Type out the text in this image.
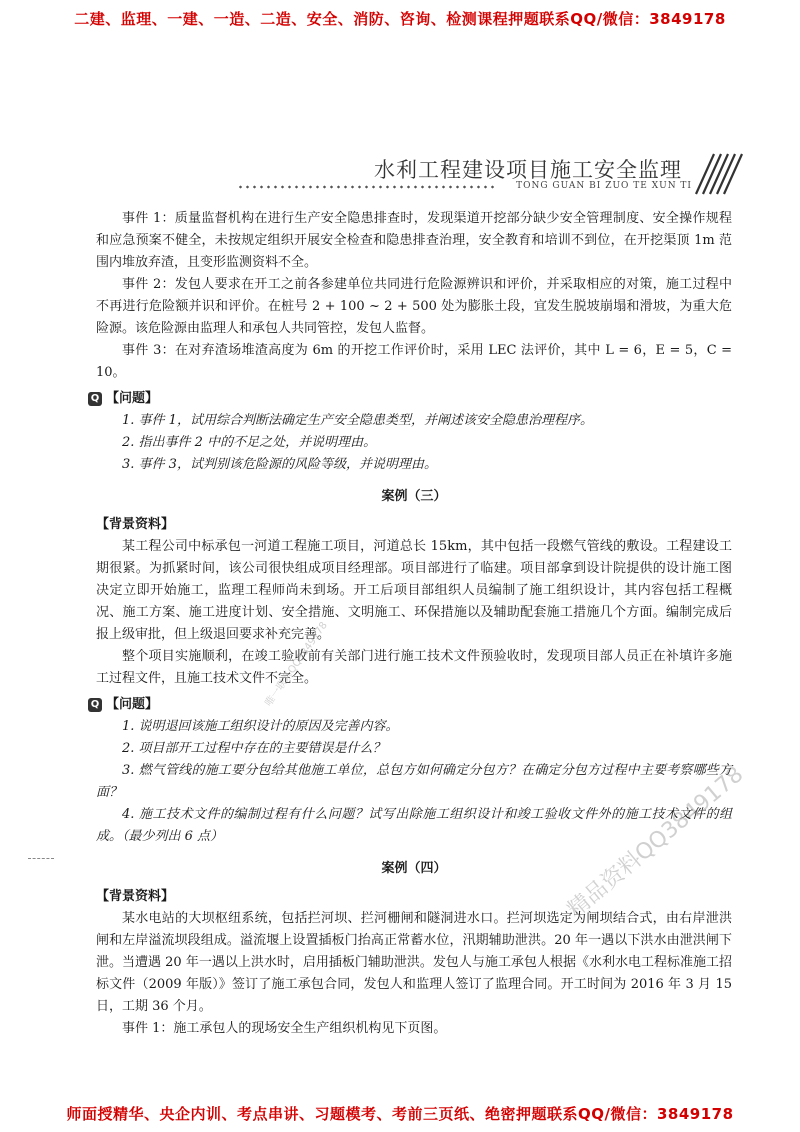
二建、监理、一建、一造、二造、安全、消防、咨询、检测课程押题联系QQ/微信：3849178
水利工程建设项目施工安全监理
TONG GUAN BI ZUO TE XUN TI

事件 1：质量监督机构在进行生产安全隐患排查时，发现渠道开挖部分缺少安全管理制度、安全操作规程和应急预案不健全，未按规定组织开展安全检查和隐患排查治理，安全教育和培训不到位，在开挖渠顶 1m 范围内堆放弃渣，且变形监测资料不全。

事件 2：发包人要求在开工之前各参建单位共同进行危险源辨识和评价，并采取相应的对策，施工过程中不再进行危险额并识和评价。在桩号 2 + 100 ~ 2 + 500 处为膨胀土段，宜发生脱坡崩塌和滑坡，为重大危险源。该危险源由监理人和承包人共同管控，发包人监督。

事件 3：在对弃渣场堆渣高度为 6m 的开挖工作评价时，采用 LEC 法评价，其中 L = 6，E = 5，C = 10。

Q 【问题】

1. 事件 1，试用综合判断法确定生产安全隐患类型，并阐述该安全隐患治理程序。

2. 指出事件 2 中的不足之处，并说明理由。

3. 事件 3，试判别该危险源的风险等级，并说明理由。

案例（三）

【背景资料】

某工程公司中标承包一河道工程施工项目，河道总长 15km，其中包括一段燃气管线的敷设。工程建设工期很紧。为抓紧时间，该公司很快组成项目经理部。项目部进行了临建。项目部拿到设计院提供的设计施工图决定立即开始施工，监理工程师尚未到场。开工后项目部组织人员编制了施工组织设计，其内容包括工程概况、施工方案、施工进度计划、安全措施、文明施工、环保措施以及辅助配套施工措施几个方面。编制完成后报上级审批，但上级退回要求补充完善。

整个项目实施顺利，在竣工验收前有关部门进行施工技术文件预验收时，发现项目部人员正在补填许多施工过程文件，且施工技术文件不完全。

Q 【问题】

1. 说明退回该施工组织设计的原因及完善内容。

2. 项目部开工过程中存在的主要错误是什么？

3. 燃气管线的施工要分包给其他施工单位，总包方如何确定分包方？在确定分包方过程中主要考察哪些方面？

4. 施工技术文件的编制过程有什么问题？试写出除施工组织设计和竣工验收文件外的施工技术文件的组成。（最少列出 6 点）

案例（四）

【背景资料】

某水电站的大坝枢纽系统，包括拦河坝、拦河栅闸和隧洞进水口。拦河坝选定为闸坝结合式，由右岸泄洪闸和左岸溢流坝段组成。溢流堰上设置插板门抬高正常蓄水位，汛期辅助泄洪。20 年一遇以下洪水由泄洪闸下泄。当遭遇 20 年一遇以上洪水时，启用插板门辅助泄洪。发包人与施工承包人根据《水利水电工程标准施工招标文件（2009 年版）》签订了施工承包合同，发包人和监理人签订了监理合同。开工时间为 2016 年 3 月 15 日，工期 36 个月。

事件 1：施工承包人的现场安全生产组织机构见下页图。

唯一联系QQ3849178
精品资料QQ3849178
师面授精华、央企内训、考点串讲、习题模考、考前三页纸、绝密押题联系QQ/微信：3849178
